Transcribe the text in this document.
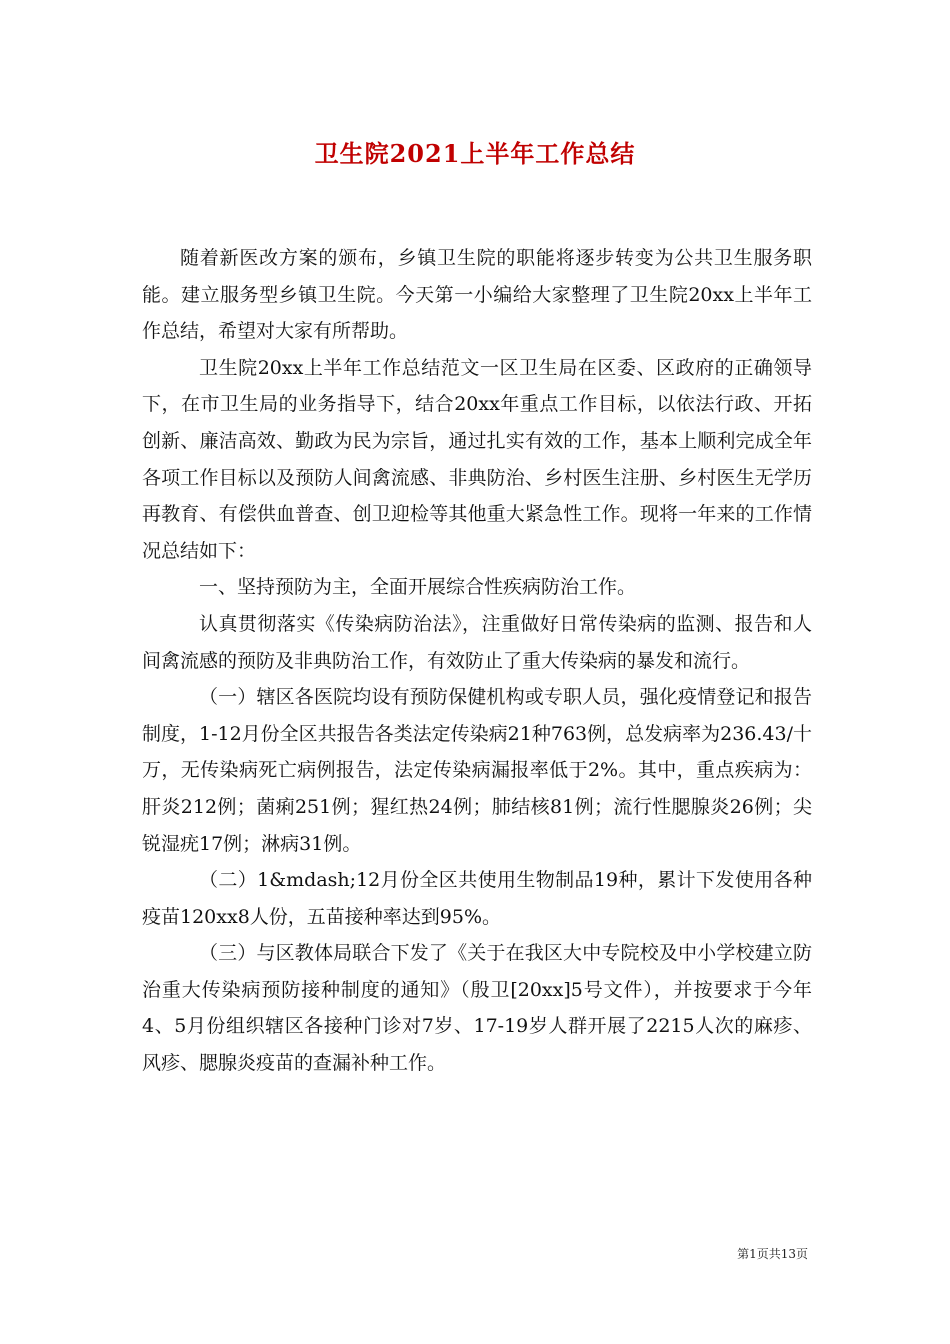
卫生院2021上半年工作总结

随着新医改方案的颁布，乡镇卫生院的职能将逐步转变为公共卫生服务职能。建立服务型乡镇卫生院。今天第一小编给大家整理了卫生院20xx上半年工作总结，希望对大家有所帮助。

卫生院20xx上半年工作总结范文一区卫生局在区委、区政府的正确领导下，在市卫生局的业务指导下，结合20xx年重点工作目标，以依法行政、开拓创新、廉洁高效、勤政为民为宗旨，通过扎实有效的工作，基本上顺利完成全年各项工作目标以及预防人间禽流感、非典防治、乡村医生注册、乡村医生无学历再教育、有偿供血普查、创卫迎检等其他重大紧急性工作。现将一年来的工作情况总结如下：

一、坚持预防为主，全面开展综合性疾病防治工作。

认真贯彻落实《传染病防治法》，注重做好日常传染病的监测、报告和人间禽流感的预防及非典防治工作，有效防止了重大传染病的暴发和流行。

（一）辖区各医院均设有预防保健机构或专职人员，强化疫情登记和报告制度，1-12月份全区共报告各类法定传染病21种763例，总发病率为236.43/十万，无传染病死亡病例报告，法定传染病漏报率低于2%。其中，重点疾病为：肝炎212例；菌痢251例；猩红热24例；肺结核81例；流行性腮腺炎26例；尖锐湿疣17例；淋病31例。

（二）1&mdash;12月份全区共使用生物制品19种，累计下发使用各种疫苗120xx8人份，五苗接种率达到95%。

（三）与区教体局联合下发了《关于在我区大中专院校及中小学校建立防治重大传染病预防接种制度的通知》（殷卫[20xx]5号文件），并按要求于今年4、5月份组织辖区各接种门诊对7岁、17-19岁人群开展了2215人次的麻疹、风疹、腮腺炎疫苗的查漏补种工作。

第1页共13页
